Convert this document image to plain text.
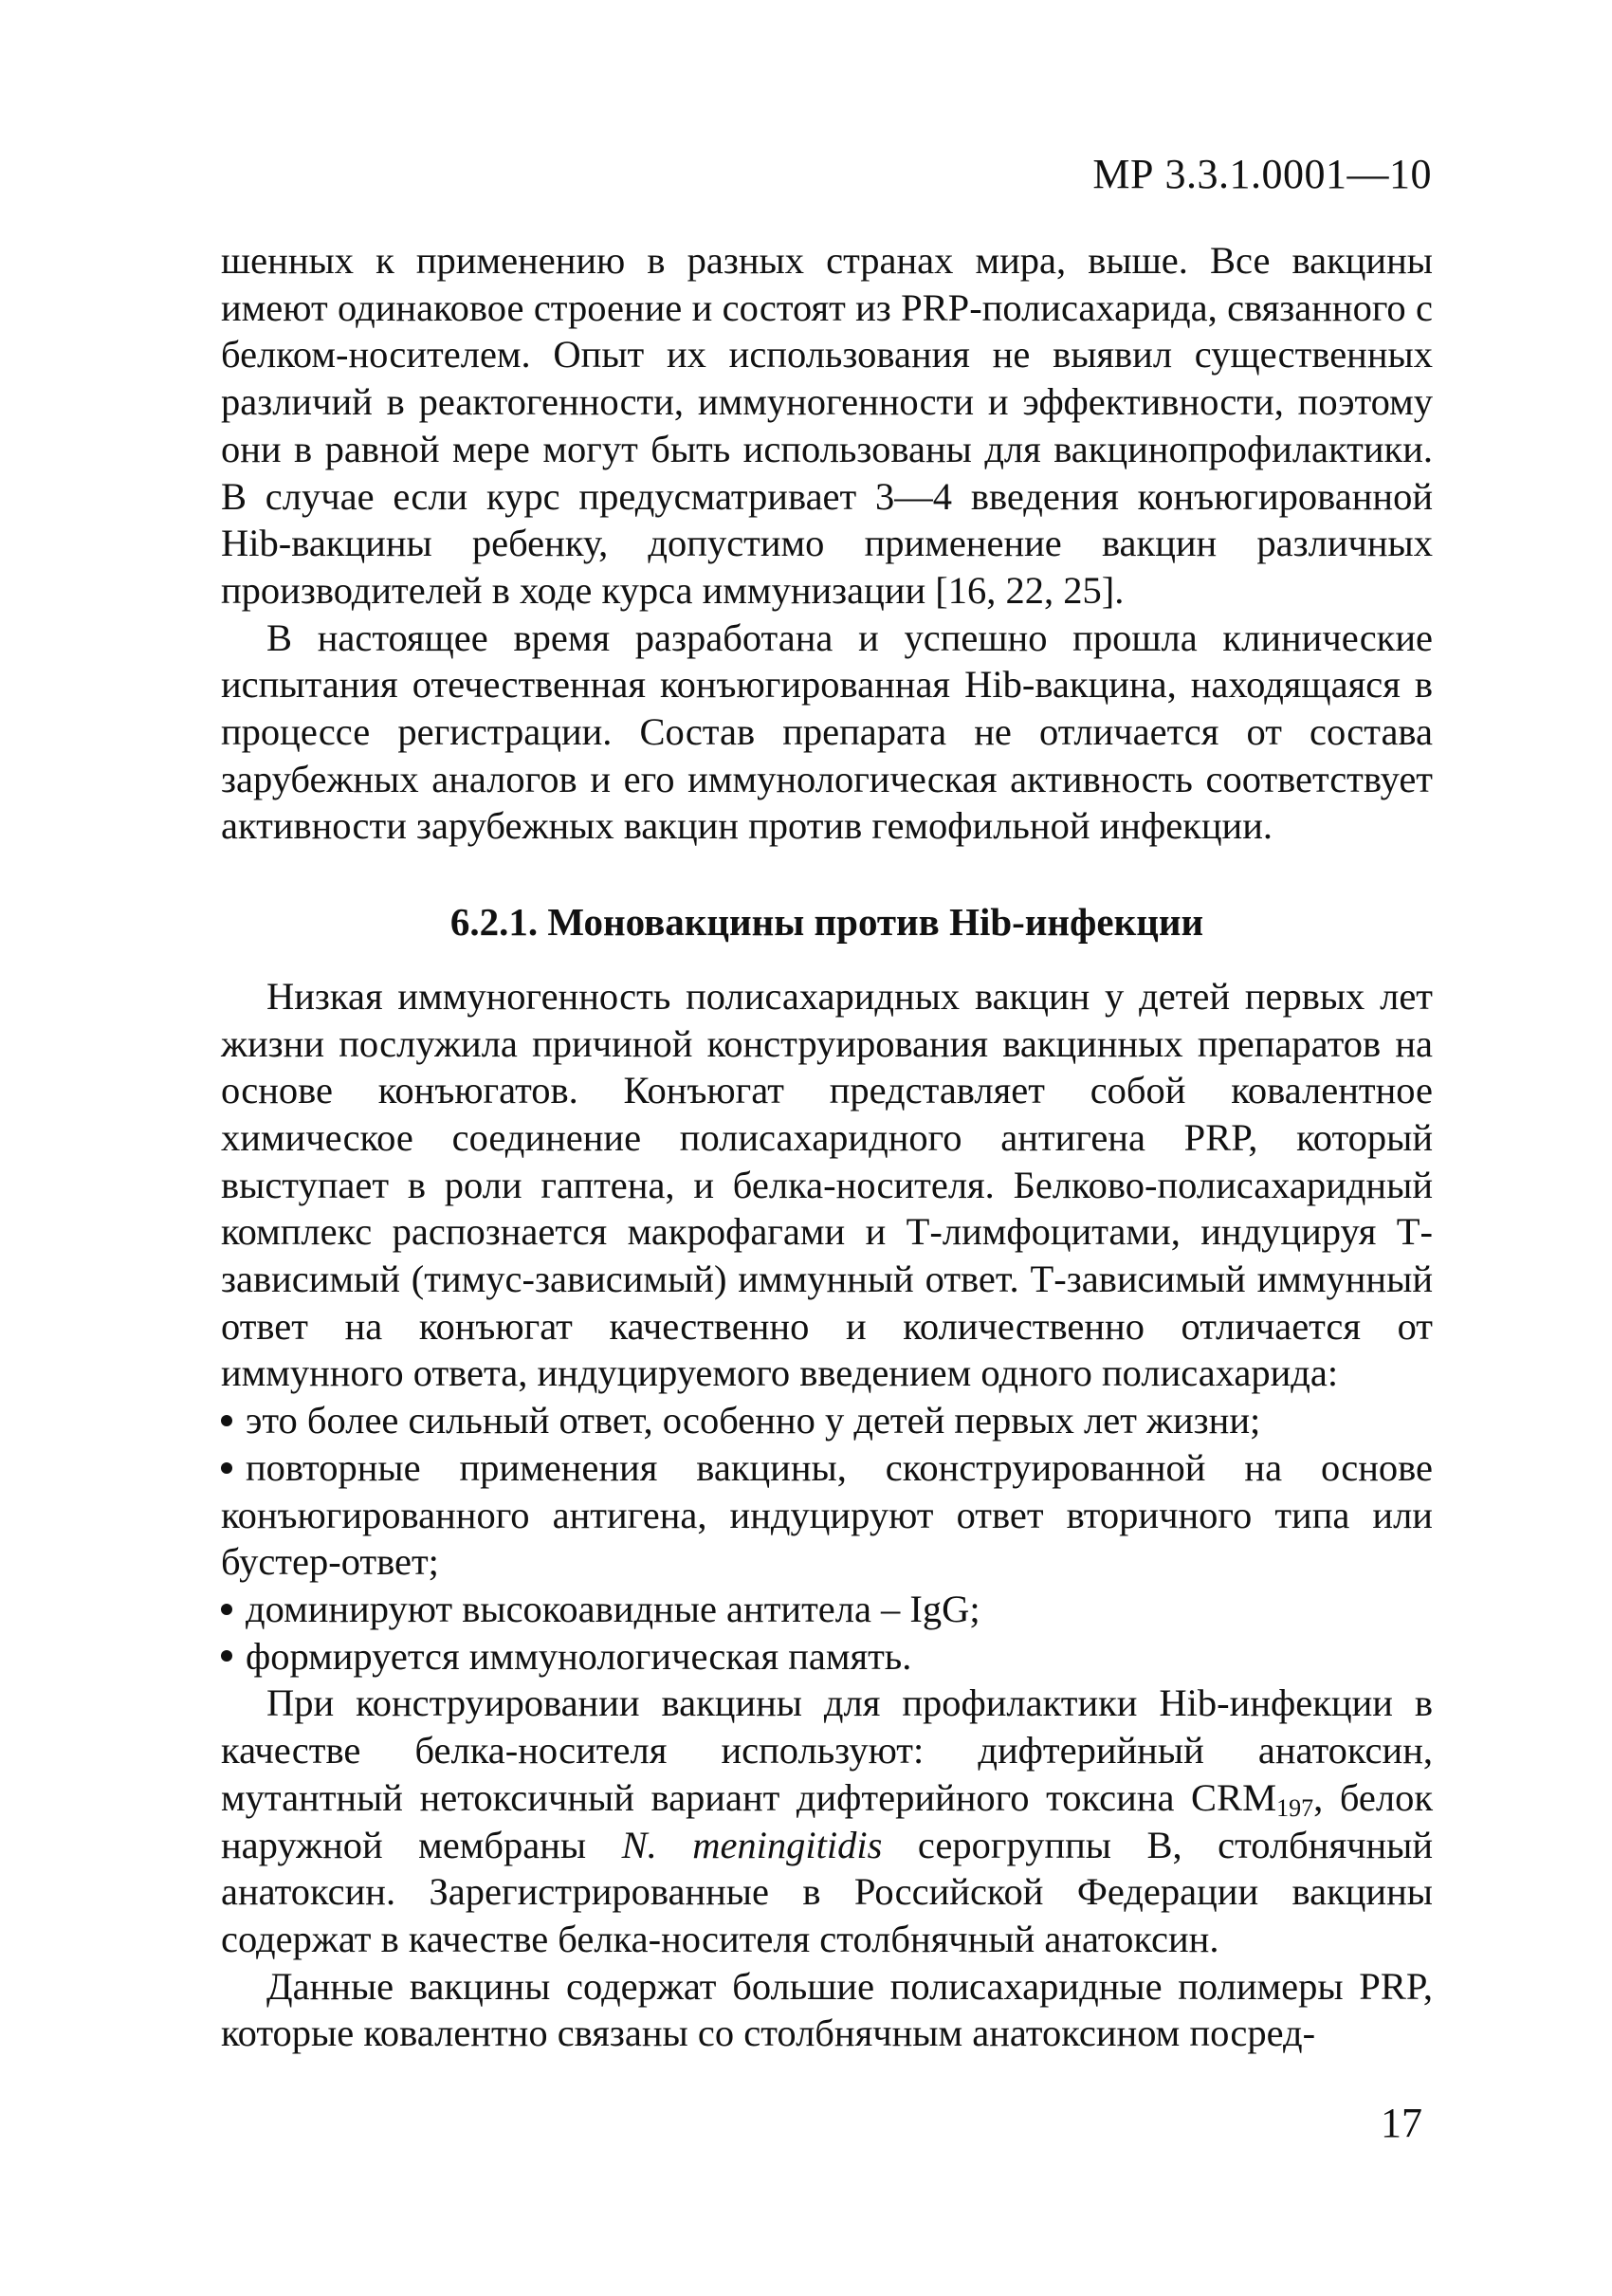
МР 3.3.1.0001—10

шенных к применению в разных странах мира, выше. Все вакцины имеют одинаковое строение и состоят из PRP-полисахарида, связанного с белком-носителем. Опыт их использования не выявил существенных различий в реактогенности, иммуногенности и эффективности, поэтому они в равной мере могут быть использованы для вакцинопрофилактики. В случае если курс предусматривает 3—4 введения конъюгированной Hib-вакцины ребенку, допустимо применение вакцин различных производителей в ходе курса иммунизации [16, 22, 25].

В настоящее время разработана и успешно прошла клинические испытания отечественная конъюгированная Hib-вакцина, находящаяся в процессе регистрации. Состав препарата не отличается от состава зарубежных аналогов и его иммунологическая активность соответствует активности зарубежных вакцин против гемофильной инфекции.

6.2.1. Моновакцины против Hib-инфекции

Низкая иммуногенность полисахаридных вакцин у детей первых лет жизни послужила причиной конструирования вакцинных препаратов на основе конъюгатов. Конъюгат представляет собой ковалентное химическое соединение полисахаридного антигена PRP, который выступает в роли гаптена, и белка-носителя. Белково-полисахаридный комплекс распознается макрофагами и Т-лимфоцитами, индуцируя Т-зависимый (тимус-зависимый) иммунный ответ. Т-зависимый иммунный ответ на конъюгат качественно и количественно отличается от иммунного ответа, индуцируемого введением одного полисахарида:

это более сильный ответ, особенно у детей первых лет жизни;

повторные применения вакцины, сконструированной на основе конъюгированного антигена, индуцируют ответ вторичного типа или бустер-ответ;

доминируют высокоавидные антитела – IgG;

формируется иммунологическая память.

При конструировании вакцины для профилактики Hib-инфекции в качестве белка-носителя используют: дифтерийный анатоксин, мутантный нетоксичный вариант дифтерийного токсина $CRM_{197}$, белок наружной мембраны N. meningitidis серогруппы В, столбнячный анатоксин. Зарегистрированные в Российской Федерации вакцины содержат в качестве белка-носителя столбнячный анатоксин.

Данные вакцины содержат большие полисахаридные полимеры PRP, которые ковалентно связаны со столбнячным анатоксином посред-

17
